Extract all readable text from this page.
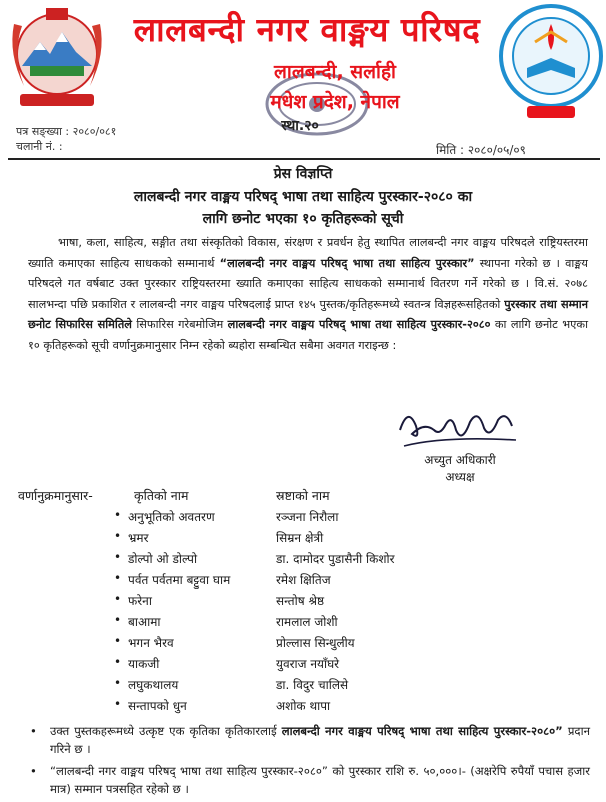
लालबन्दी नगर वाङ्मय परिषद
लालबन्दी, सर्लाही
मधेश प्रदेश, नेपाल
स्था.२०
पत्र सङ्ख्या : २०८०/०८१
चलानी नं. :	मिति : २०८०/०५/०९
प्रेस विज्ञप्ति
लालबन्दी नगर वाङ्मय परिषद् भाषा तथा साहित्य पुरस्कार-२०८० का
लागि छनोट भएका १० कृतिहरूको सूची
भाषा, कला, साहित्य, सङ्गीत तथा संस्कृतिको विकास, संरक्षण र प्रवर्धन हेतु स्थापित लालबन्दी नगर वाङ्मय परिषदले राष्ट्रियस्तरमा ख्याति कमाएका साहित्य साधकको सम्मानार्थ “लालबन्दी नगर वाङ्मय परिषद् भाषा तथा साहित्य पुरस्कार” स्थापना गरेको छ । वाङ्मय परिषदले गत वर्षबाट उक्त पुरस्कार राष्ट्रियस्तरमा ख्याति कमाएका साहित्य साधकको सम्मानार्थ वितरण गर्ने गरेको छ । वि.सं. २०७८ सालभन्दा पछि प्रकाशित र लालबन्दी नगर वाङ्मय परिषदलाई प्राप्त १४५ पुस्तक/कृतिहरूमध्ये स्वतन्त्र विज्ञहरूसहितको पुरस्कार तथा सम्मान छनोट सिफारिस समितिले सिफारिस गरेबमोजिम लालबन्दी नगर वाङ्मय परिषद् भाषा तथा साहित्य पुरस्कार-२०८० का लागि छनोट भएका १० कृतिहरूको सूची वर्णानुक्रमानुसार निम्न रहेको ब्यहोरा सम्बन्धित सबैमा अवगत गराइन्छ :
अच्युत अधिकारी
अध्यक्ष
वर्णानुक्रमानुसार-	कृतिको नाम	स्रष्टाको नाम
• अनुभूतिको अवतरण	रञ्जना निरौला
• भ्रमर	सिम्रन क्षेत्री
• डोल्पो ओ डोल्पो	डा. दामोदर पुडासैनी किशोर
• पर्वत पर्वतमा बट्टुवा घाम	रमेश क्षितिज
• फरेना	सन्तोष श्रेष्ठ
• बाआमा	रामलाल जोशी
• भगन भैरव	प्रोल्लास सिन्धुलीय
• याकजी	युवराज नयाँघरे
• लघुकथालय	डा. विदुर चालिसे
• सन्तापको धुन	अशोक थापा
• उक्त पुस्तकहरूमध्ये उत्कृष्ट एक कृतिका कृतिकारलाई लालबन्दी नगर वाङ्मय परिषद् भाषा तथा साहित्य पुरस्कार-२०८०” प्रदान गरिने छ ।
• “लालबन्दी नगर वाङ्मय परिषद् भाषा तथा साहित्य पुरस्कार-२०८०” को पुरस्कार राशि रु. ५०,०००।- (अक्षरेपि रुपैयाँ पचास हजार मात्र) सम्मान पत्रसहित रहेको छ ।
